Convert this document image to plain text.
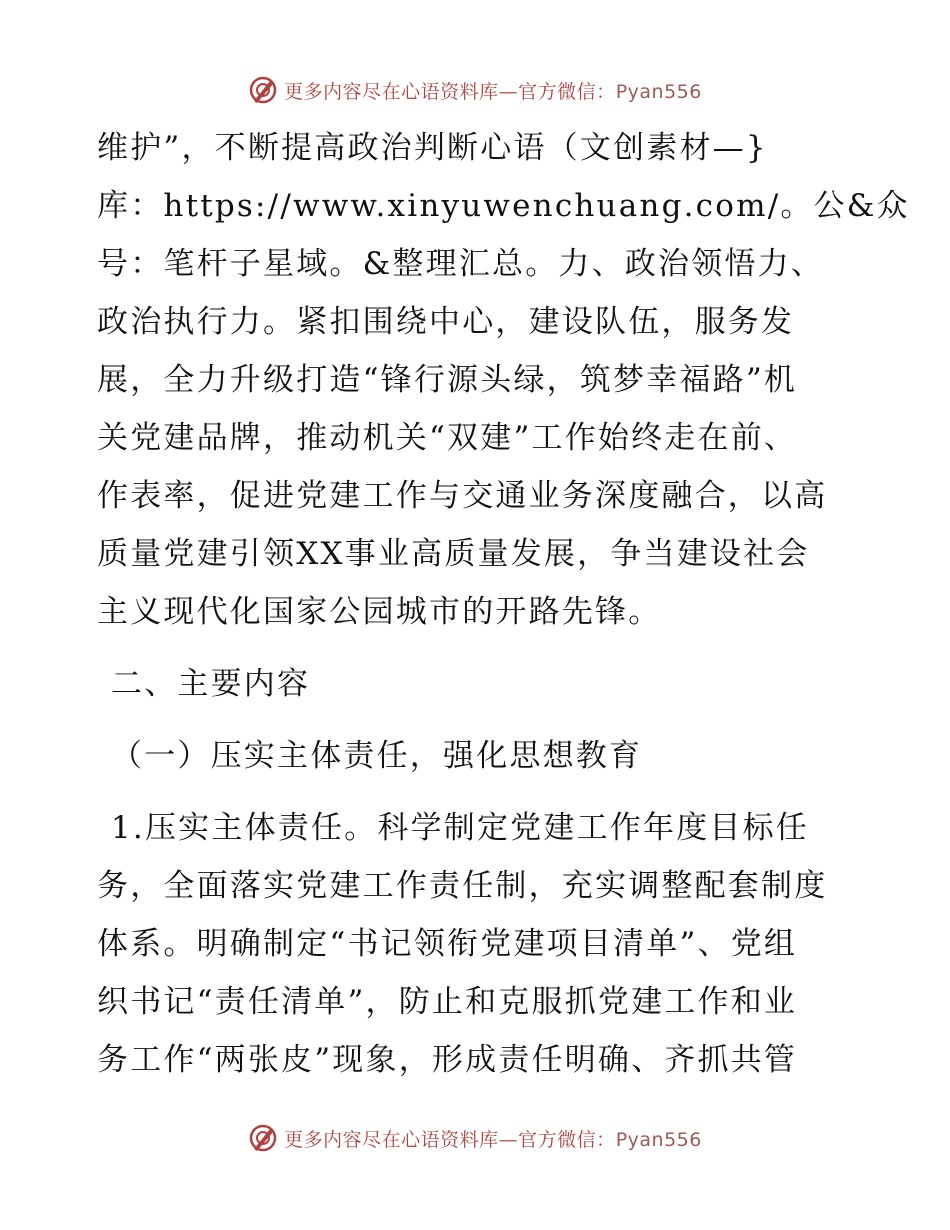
更多内容尽在心语资料库—官方微信：Pyan556
维护”，不断提高政治判断心语（文创素材—}
库：https://www.xinyuwenchuang.com/。公&众
号：笔杆子星域。&整理汇总。力、政治领悟力、
政治执行力。紧扣围绕中心，建设队伍，服务发
展，全力升级打造“锋行源头绿，筑梦幸福路”机
关党建品牌，推动机关“双建”工作始终走在前、
作表率，促进党建工作与交通业务深度融合，以高
质量党建引领XX事业高质量发展，争当建设社会
主义现代化国家公园城市的开路先锋。
二、主要内容
（一）压实主体责任，强化思想教育
1.压实主体责任。科学制定党建工作年度目标任
务，全面落实党建工作责任制，充实调整配套制度
体系。明确制定“书记领衔党建项目清单”、党组
织书记“责任清单”，防止和克服抓党建工作和业
务工作“两张皮”现象，形成责任明确、齐抓共管
更多内容尽在心语资料库—官方微信：Pyan556
